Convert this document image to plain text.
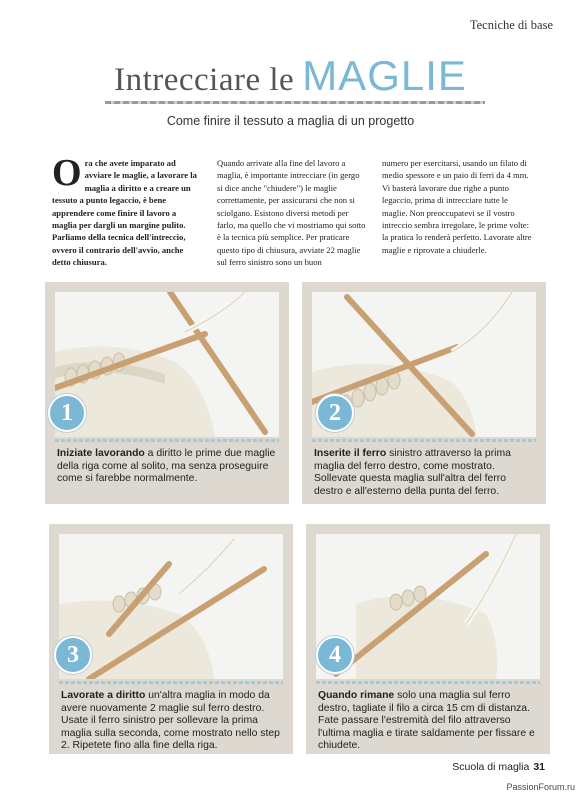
Tecniche di base
Intrecciare le MAGLIE
Come finire il tessuto a maglia di un progetto
Ora che avete imparato ad avviare le maglie, a lavorare la maglia a diritto e a creare un tessuto a punto legaccio, è bene apprendere come finire il lavoro a maglia per dargli un margine pulito. Parliamo della tecnica dell'intreccio, ovvero il contrario dell'avvio, anche detto chiusura.
Quando arrivate alla fine del lavoro a maglia, è importante intrecciare (in gergo si dice anche "chiudere") le maglie correttamente, per assicurarsi che non si sciolgano. Esistono diversi metodi per farlo, ma quello che vi mostriamo qui sotto è la tecnica più semplice. Per praticare questo tipo di chiusura, avviate 22 maglie sul ferro sinistro sono un buon
numero per esercitarsi, usando un filato di medio spessore e un paio di ferri da 4 mm. Vi basterà lavorare due righe a punto legaccio, prima di intrecciare tutte le maglie. Non preoccupatevi se il vostro intreccio sembra irregolare, le prime volte: la pratica lo renderà perfetto. Lavorate altre maglie e riprovate a chiuderle.
1
Iniziate lavorando a diritto le prime due maglie della riga come al solito, ma senza proseguire come si farebbe normalmente.
2
Inserite il ferro sinistro attraverso la prima maglia del ferro destro, come mostrato. Sollevate questa maglia sull'altra del ferro destro e all'esterno della punta del ferro.
3
Lavorate a diritto un'altra maglia in modo da avere nuovamente 2 maglie sul ferro destro. Usate il ferro sinistro per sollevare la prima maglia sulla seconda, come mostrato nello step 2. Ripetete fino alla fine della riga.
4
Quando rimane solo una maglia sul ferro destro, tagliate il filo a circa 15 cm di distanza. Fate passare l'estremità del filo attraverso l'ultima maglia e tirate saldamente per fissare e chiudete.
Scuola di maglia 31
PassionForum.ru
